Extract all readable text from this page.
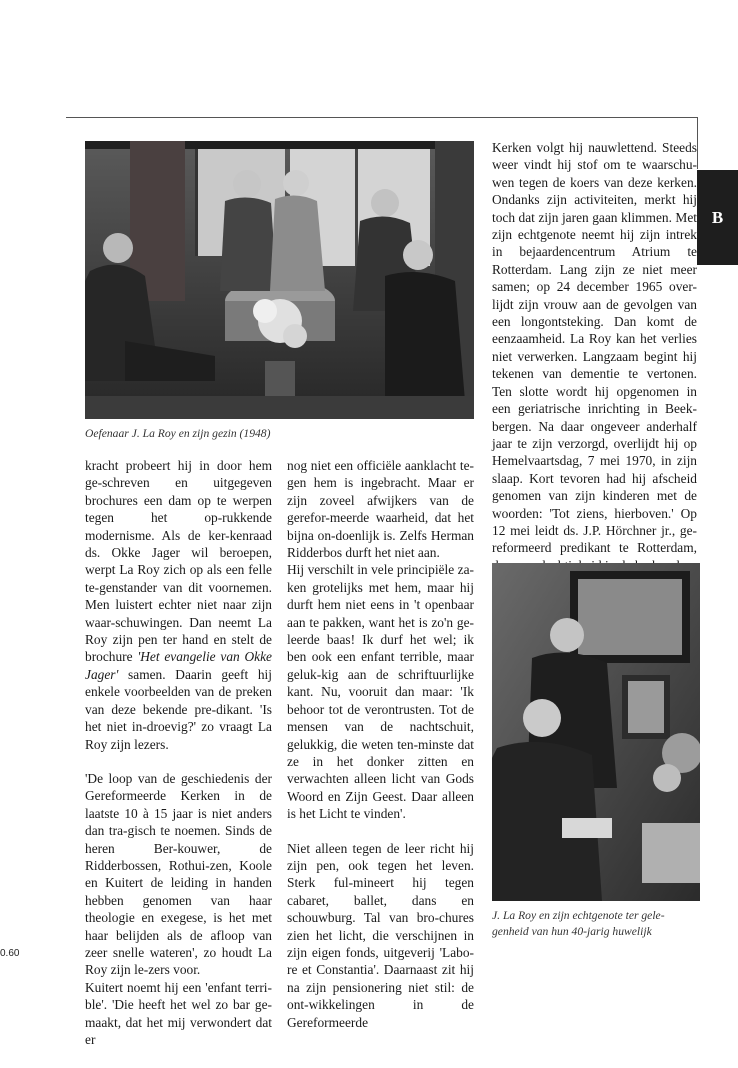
B
Oefenaar J. La Roy en zijn gezin (1948)

kracht probeert hij in door hem ge-schreven en uitgegeven brochures een dam op te werpen tegen het op-rukkende modernisme. Als de ker-kenraad ds. Okke Jager wil beroepen, werpt La Roy zich op als een felle te-genstander van dit voornemen. Men luistert echter niet naar zijn waar-schuwingen. Dan neemt La Roy zijn pen ter hand en stelt de brochure 'Het evangelie van Okke Jager' samen. Daarin geeft hij enkele voorbeelden van de preken van deze bekende pre-dikant. 'Is het niet in-droevig?' zo vraagt La Roy zijn lezers.

'De loop van de geschiedenis der Gereformeerde Kerken in de laatste 10 à 15 jaar is niet anders dan tra-gisch te noemen. Sinds de heren Ber-kouwer, de Ridderbossen, Rothui-zen, Koole en Kuitert de leiding in handen hebben genomen van haar theologie en exegese, is het met haar belijden als de afloop van zeer snelle wateren', zo houdt La Roy zijn le-zers voor.

Kuitert noemt hij een 'enfant terri-ble'. 'Die heeft het wel zo bar ge-maakt, dat het mij verwondert dat er

nog niet een officiële aanklacht te-gen hem is ingebracht. Maar er zijn zoveel afwijkers van de gerefor-meerde waarheid, dat het bijna on-doenlijk is. Zelfs Herman Ridderbos durft het niet aan.

Hij verschilt in vele principiële za-ken grotelijks met hem, maar hij durft hem niet eens in 't openbaar aan te pakken, want het is zo'n ge-leerde baas! Ik durf het wel; ik ben ook een enfant terrible, maar geluk-kig aan de schriftuurlijke kant. Nu, vooruit dan maar: 'Ik behoor tot de verontrusten. Tot de mensen van de nachtschuit, gelukkig, die weten ten-minste dat ze in het donker zitten en verwachten alleen licht van Gods Woord en Zijn Geest. Daar alleen is het Licht te vinden'.

Niet alleen tegen de leer richt hij zijn pen, ook tegen het leven. Sterk ful-mineert hij tegen cabaret, ballet, dans en schouwburg. Tal van bro-chures zien het licht, die verschijnen in zijn eigen fonds, uitgeverij 'Labo-re et Constantia'. Daarnaast zit hij na zijn pensionering niet stil: de ont-wikkelingen in de Gereformeerde

Kerken volgt hij nauwlettend. Steeds weer vindt hij stof om te waarschu-wen tegen de koers van deze kerken. Ondanks zijn activiteiten, merkt hij toch dat zijn jaren gaan klimmen. Met zijn echtgenote neemt hij zijn intrek in bejaardencentrum Atrium te Rotterdam. Lang zijn ze niet meer samen; op 24 december 1965 over-lijdt zijn vrouw aan de gevolgen van een longontsteking. Dan komt de eenzaamheid. La Roy kan het verlies niet verwerken. Langzaam begint hij tekenen van dementie te vertonen. Ten slotte wordt hij opgenomen in een geriatrische inrichting in Beek-bergen. Na daar ongeveer anderhalf jaar te zijn verzorgd, overlijdt hij op Hemelvaartsdag, 7 mei 1970, in zijn slaap. Kort tevoren had hij afscheid genomen van zijn kinderen met de woorden: 'Tot ziens, hierboven.' Op 12 mei leidt ds. J.P. Hörchner jr., ge-reformeerd predikant te Rotterdam,

J. La Roy en zijn echtgenote ter gele-
genheid van hun 40-jarig huwelijk
0.60
